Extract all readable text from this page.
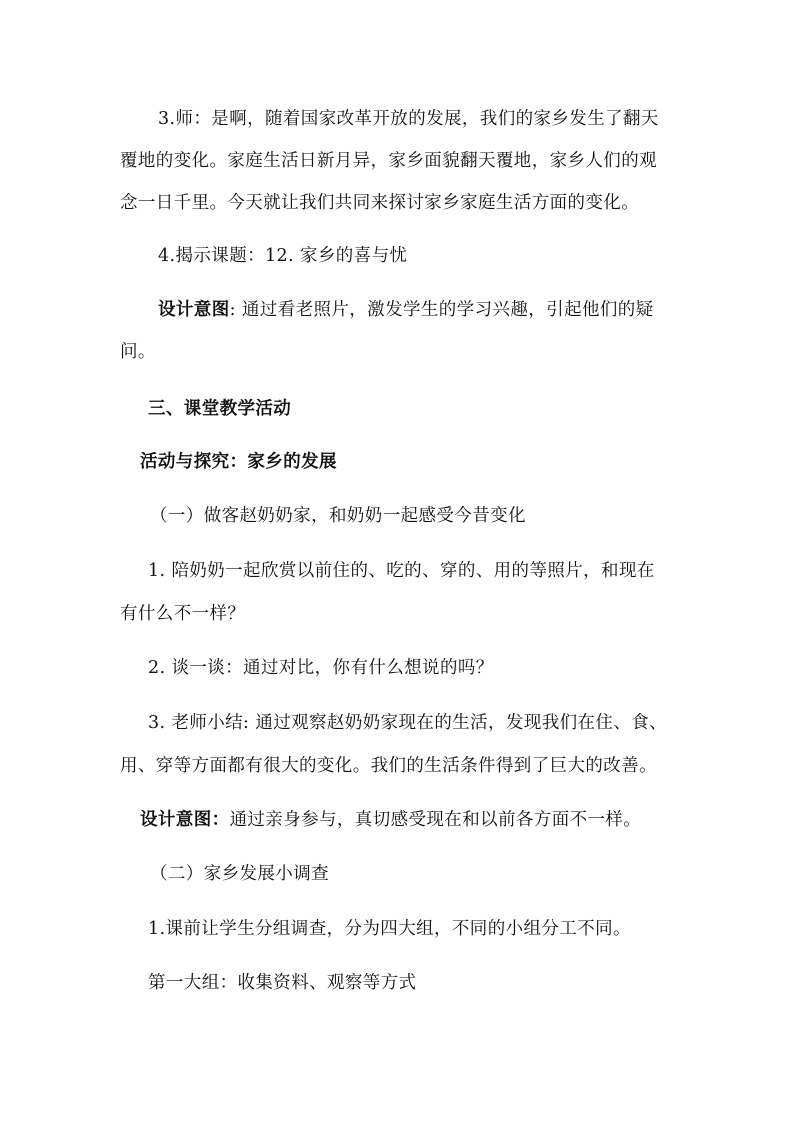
3.师：是啊，随着国家改革开放的发展，我们的家乡发生了翻天
覆地的变化。家庭生活日新月异，家乡面貌翻天覆地，家乡人们的观
念一日千里。今天就让我们共同来探讨家乡家庭生活方面的变化。
4.揭示课题：12. 家乡的喜与忧
设计意图: 通过看老照片，激发学生的学习兴趣，引起他们的疑
问。
三、课堂教学活动
活动与探究：家乡的发展
（一）做客赵奶奶家，和奶奶一起感受今昔变化
1. 陪奶奶一起欣赏以前住的、吃的、穿的、用的等照片，和现在
有什么不一样？
2. 谈一谈：通过对比，你有什么想说的吗？
3. 老师小结: 通过观察赵奶奶家现在的生活，发现我们在住、食、
用、穿等方面都有很大的变化。我们的生活条件得到了巨大的改善。
设计意图：通过亲身参与，真切感受现在和以前各方面不一样。
（二）家乡发展小调查
1.课前让学生分组调查，分为四大组，不同的小组分工不同。
第一大组：收集资料、观察等方式
